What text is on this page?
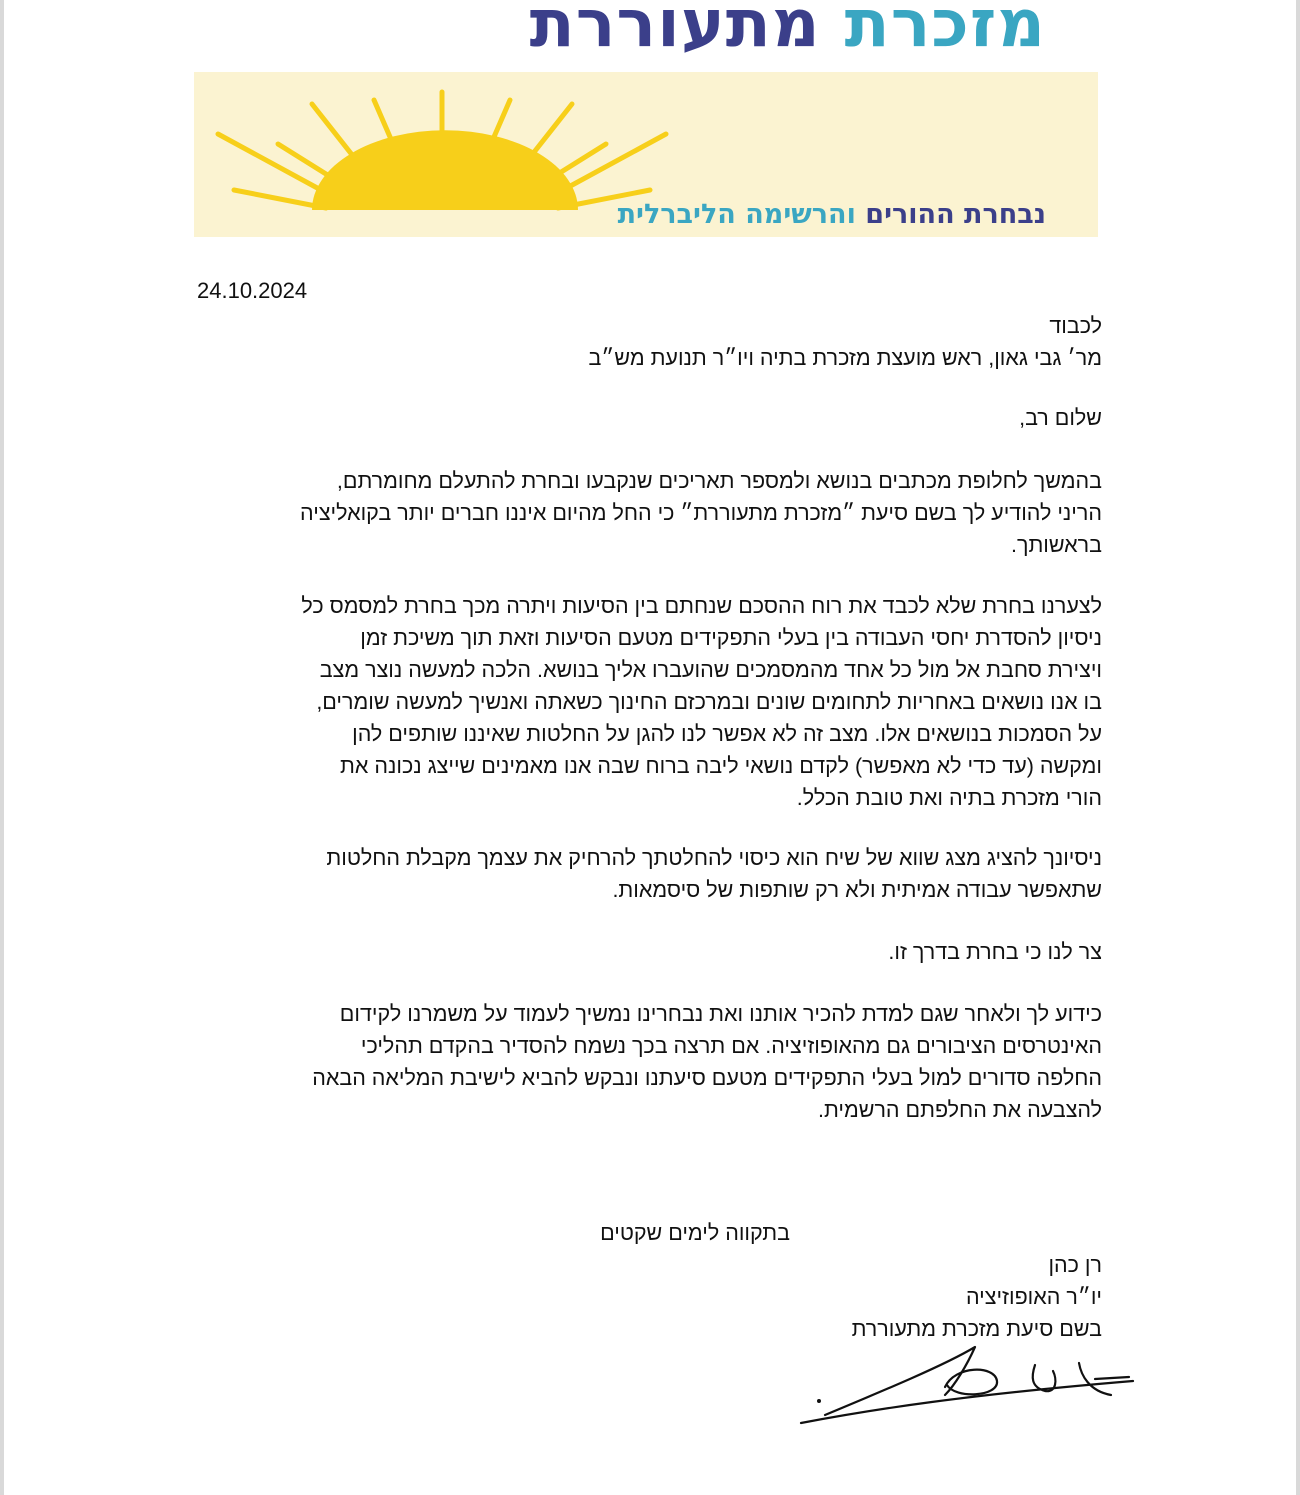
מזכרת מתעוררת
נבחרת ההורים והרשימה הליברלית
24.10.2024
לכבוד
מר׳ גבי גאון, ראש מועצת מזכרת בתיה ויו״ר תנועת מש״ב
שלום רב,
בהמשך לחלופת מכתבים בנושא ולמספר תאריכים שנקבעו ובחרת להתעלם מחומרתם,
הריני להודיע לך בשם סיעת ״מזכרת מתעוררת״ כי החל מהיום איננו חברים יותר בקואליציה
בראשותך.
לצערנו בחרת שלא לכבד את רוח ההסכם שנחתם בין הסיעות ויתרה מכך בחרת למסמס כל
ניסיון להסדרת יחסי העבודה בין בעלי התפקידים מטעם הסיעות וזאת תוך משיכת זמן
ויצירת סחבת אל מול כל אחד מהמסמכים שהועברו אליך בנושא. הלכה למעשה נוצר מצב
בו אנו נושאים באחריות לתחומים שונים ובמרכזם החינוך כשאתה ואנשיך למעשה שומרים,
על הסמכות בנושאים אלו. מצב זה לא אפשר לנו להגן על החלטות שאיננו שותפים להן
ומקשה (עד כדי לא מאפשר) לקדם נושאי ליבה ברוח שבה אנו מאמינים שייצג נכונה את
הורי מזכרת בתיה ואת טובת הכלל.
ניסיונך להציג מצג שווא של שיח הוא כיסוי להחלטתך להרחיק את עצמך מקבלת החלטות
שתאפשר עבודה אמיתית ולא רק שותפות של סיסמאות.
צר לנו כי בחרת בדרך זו.
כידוע לך ולאחר שגם למדת להכיר אותנו ואת נבחרינו נמשיך לעמוד על משמרנו לקידום
האינטרסים הציבורים גם מהאופוזיציה. אם תרצה בכך נשמח להסדיר בהקדם תהליכי
החלפה סדורים למול בעלי התפקידים מטעם סיעתנו ונבקש להביא לישיבת המליאה הבאה
להצבעה את החלפתם הרשמית.
בתקווה לימים שקטים
רן כהן
יו״ר האופוזיציה
בשם סיעת מזכרת מתעוררת
